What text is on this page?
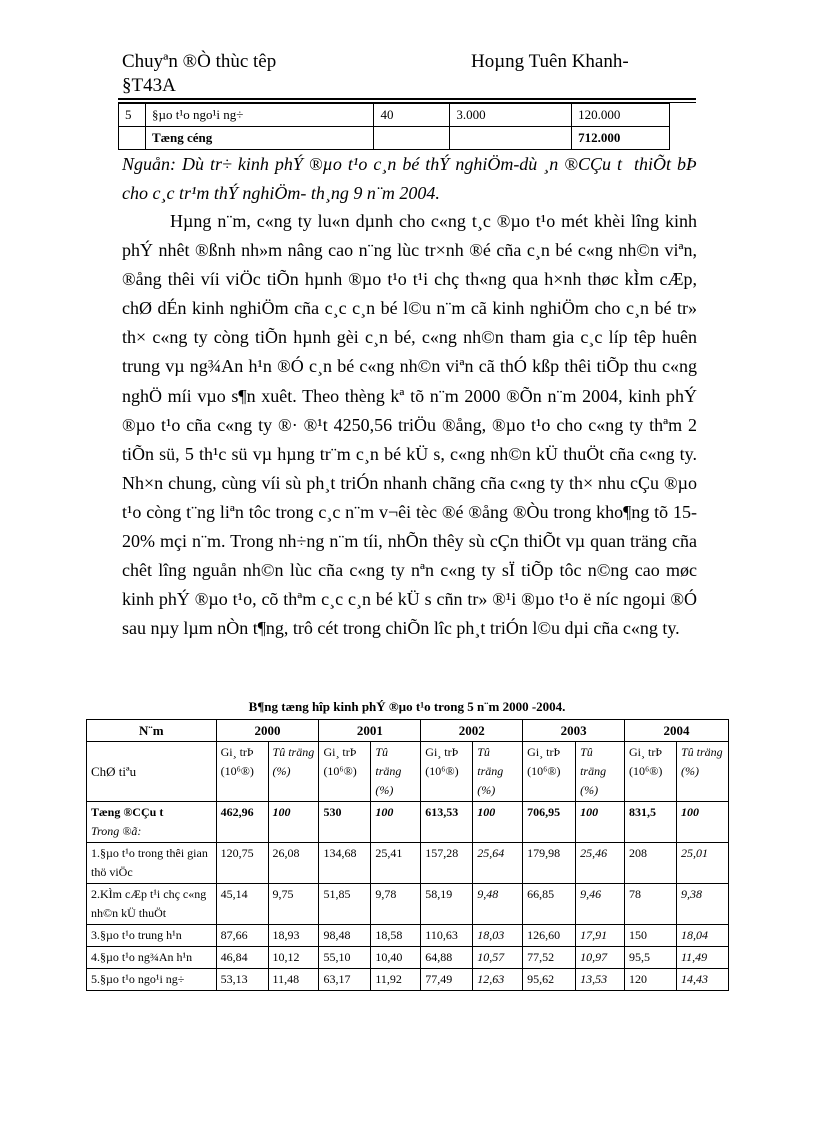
Chuyªn ®Ò thùc têp
§T43A
Hoµng Tuên Khanh-
5	§µo t¹o ngo¹i ng÷	40	3.000	120.000
	Tæng céng			712.000
Nguån: Dù tr÷ kinh phÝ ®µo t¹o c¸n bé thÝ nghiÖm-dù ¸n ®CÇu t  thiÕt bÞ cho c¸c tr¹m thÝ nghiÖm- th¸ng 9 n¨m 2004.
Hµng n¨m, c«ng ty lu«n dµnh cho c«ng t¸c ®µo t¹o mét khèi lîng kinh phÝ nhêt ®ßnh nh»m nâng cao n¨ng lùc tr×nh ®é cña c¸n bé c«ng nh©n viªn, ®ång thêi víi viÖc tiÕn hµnh ®µo t¹o t¹i chç th«ng qua h×nh thøc kÌm cÆp, chØ dÉn kinh nghiÖm cña c¸c c¸n bé l©u n¨m cã kinh nghiÖm cho c¸n bé tr» th× c«ng ty còng tiÕn hµnh gèi c¸n bé, c«ng nh©n tham gia c¸c líp têp huên trung vµ ng¾An h¹n ®Ó c¸n bé c«ng nh©n viªn cã thÓ kßp thêi tiÕp thu c«ng nghÖ míi vµo s¶n xuêt. Theo thèng kª tõ n¨m 2000 ®Õn n¨m 2004, kinh phÝ ®µo t¹o cña c«ng ty ®· ®¹t 4250,56 triÖu ®ång, ®µo t¹o cho c«ng ty thªm 2 tiÕn sü, 5 th¹c sü vµ hµng tr¨m c¸n bé kÜ s, c«ng nh©n kÜ thuÖt cña c«ng ty. Nh×n chung, cùng víi sù ph¸t triÓn nhanh chãng cña c«ng ty th× nhu cÇu ®µo t¹o còng t¨ng liªn tôc trong c¸c n¨m v¬êi tèc ®é ®ång ®Òu trong kho¶ng tõ 15-20% mçi n¨m. Trong nh÷ng n¨m tíi, nhÕn thêy sù cÇn thiÕt vµ quan träng cña chêt lîng nguån nh©n lùc cña c«ng ty nªn c«ng ty sÏ tiÕp tôc n©ng cao møc kinh phÝ ®µo t¹o, cõ thªm c¸c c¸n bé kÜ s cñn tr» ®¹i ®µo t¹o ë níc ngoµi ®Ó sau nµy lµm nÒn t¶ng, trô cét trong chiÕn lîc ph¸t triÓn l©u dµi cña c«ng ty.
B¶ng tæng hîp kinh phÝ ®µo t¹o trong 5 n¨m 2000 -2004.
N¨m	2000		2001		2002		2003		2004	
ChØ tiªu	Gi¸ trÞ (10⁶®)	Tû träng (%)	Gi¸ trÞ (10⁶®)	Tû träng (%)	Gi¸ trÞ (10⁶®)	Tû träng (%)	Gi¸ trÞ (10⁶®)	Tû träng (%)	Gi¸ trÞ (10⁶®)	Tû träng (%)

Tæng ®CÇu t
Trong ®ã:	462,96	100	530	100	613,53	100	706,95	100	831,5	100
1.§µo t¹o trong thêi gian thö viÖc	120,75	26,08	134,68	25,41	157,28	25,64	179,98	25,46	208	25,01
2.KÌm cÆp t¹i chç c«ng nh©n kÜ thuÖt	45,14	9,75	51,85	9,78	58,19	9,48	66,85	9,46	78	9,38
3.§µo t¹o trung h¹n	87,66	18,93	98,48	18,58	110,63	18,03	126,60	17,91	150	18,04
4.§µo t¹o ng¾An h¹n	46,84	10,12	55,10	10,40	64,88	10,57	77,52	10,97	95,5	11,49
5.§µo t¹o ngo¹i ng÷	53,13	11,48	63,17	11,92	77,49	12,63	95,62	13,53	120	14,43
